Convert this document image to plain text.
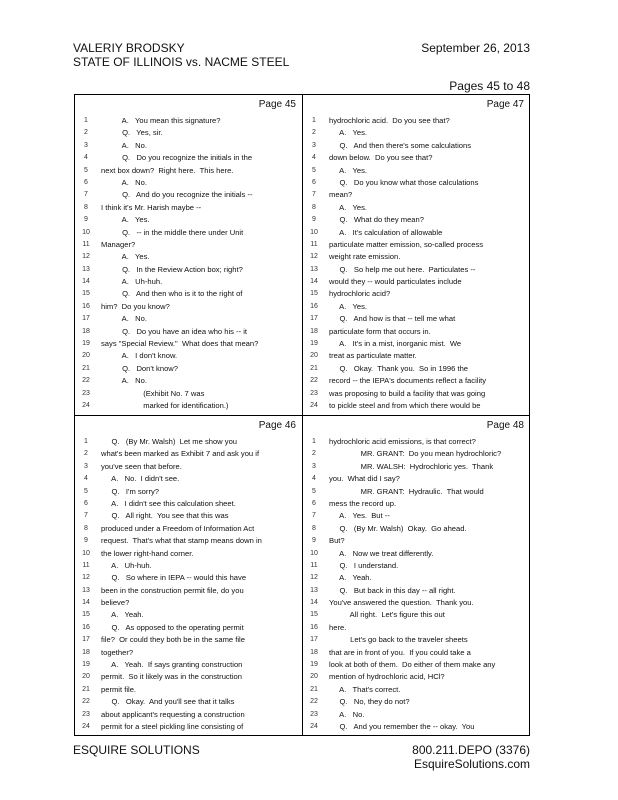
VALERIY BRODSKY
STATE OF ILLINOIS vs. NACME STEEL
September 26, 2013
Pages 45 to 48
Page 45
1	A.   You mean this signature?
2	Q.   Yes, sir.
3	A.   No.
4	Q.   Do you recognize the initials in the
5	next box down?  Right here.  This here.
6	A.   No.
7	Q.   And do you recognize the initials --
8	I think it's Mr. Harish maybe --
9	A.   Yes.
10	Q.   -- in the middle there under Unit
11	Manager?
12	A.   Yes.
13	Q.   In the Review Action box; right?
14	A.   Uh-huh.
15	Q.   And then who is it to the right of
16	him?  Do you know?
17	A.   No.
18	Q.   Do you have an idea who his -- it
19	says "Special Review."  What does that mean?
20	A.   I don't know.
21	Q.   Don't know?
22	A.   No.
23	(Exhibit No. 7 was
24	marked for identification.)
Page 47
1	hydrochloric acid.  Do you see that?
2	A.   Yes.
3	Q.   And then there's some calculations
4	down below.  Do you see that?
5	A.   Yes.
6	Q.   Do you know what those calculations
7	mean?
8	A.   Yes.
9	Q.   What do they mean?
10	A.   It's calculation of allowable
11	particulate matter emission, so-called process
12	weight rate emission.
13	Q.   So help me out here.  Particulates --
14	would they -- would particulates include
15	hydrochloric acid?
16	A.   Yes.
17	Q.   And how is that -- tell me what
18	particulate form that occurs in.
19	A.   It's in a mist, inorganic mist.  We
20	treat as particulate matter.
21	Q.   Okay.  Thank you.  So in 1996 the
22	record -- the IEPA's documents reflect a facility
23	was proposing to build a facility that was going
24	to pickle steel and from which there would be
Page 46
1	Q.   (By Mr. Walsh)  Let me show you
2	what's been marked as Exhibit 7 and ask you if
3	you've seen that before.
4	A.   No.  I didn't see.
5	Q.   I'm sorry?
6	A.   I didn't see this calculation sheet.
7	Q.   All right.  You see that this was
8	produced under a Freedom of Information Act
9	request.  That's what that stamp means down in
10	the lower right-hand corner.
11	A.   Uh-huh.
12	Q.   So where in IEPA -- would this have
13	been in the construction permit file, do you
14	believe?
15	A.   Yeah.
16	Q.   As opposed to the operating permit
17	file?  Or could they both be in the same file
18	together?
19	A.   Yeah.  If says granting construction
20	permit.  So it likely was in the construction
21	permit file.
22	Q.   Okay.  And you'll see that it talks
23	about applicant's requesting a construction
24	permit for a steel pickling line consisting of
Page 48
1	hydrochloric acid emissions, is that correct?
2	MR. GRANT:  Do you mean hydrochloric?
3	MR. WALSH:  Hydrochloric yes.  Thank
4	you.  What did I say?
5	MR. GRANT:  Hydraulic.  That would
6	mess the record up.
7	A.   Yes.  But --
8	Q.   (By Mr. Walsh)  Okay.  Go ahead.
9	But?
10	A.   Now we treat differently.
11	Q.   I understand.
12	A.   Yeah.
13	Q.   But back in this day -- all right.
14	You've answered the question.  Thank you.
15	All right.  Let's figure this out
16	here.
17	Let's go back to the traveler sheets
18	that are in front of you.  If you could take a
19	look at both of them.  Do either of them make any
20	mention of hydrochloric acid, HCl?
21	A.   That's correct.
22	Q.   No, they do not?
23	A.   No.
24	Q.   And you remember the -- okay.  You
ESQUIRE SOLUTIONS	800.211.DEPO (3376)
EsquireSolutions.com
